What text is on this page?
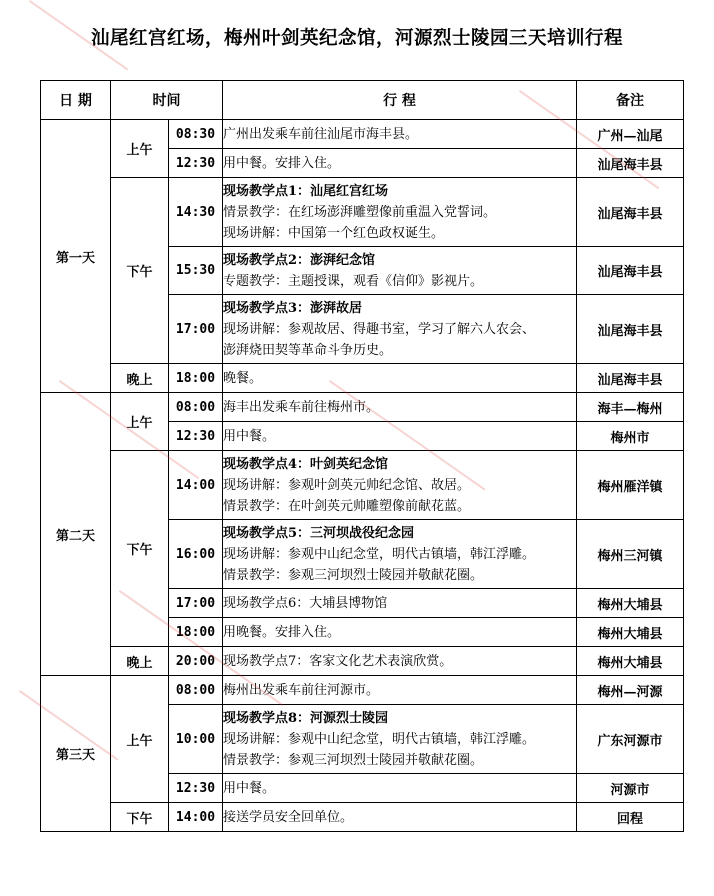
汕尾红宫红场，梅州叶剑英纪念馆，河源烈士陵园三天培训行程
日 期	时间		行 程	备注
第一天	上午	08:30	广州出发乘车前往汕尾市海丰县。	广州—汕尾
		12:30	用中餐。安排入住。	汕尾海丰县
	下午	14:30	现场教学点1：汕尾红宫红场
情景教学：在红场澎湃雕塑像前重温入党誓词。
现场讲解：中国第一个红色政权诞生。	汕尾海丰县
		15:30	现场教学点2：澎湃纪念馆
专题教学：主题授课，观看《信仰》影视片。	汕尾海丰县
		17:00	现场教学点3：澎湃故居
现场讲解：参观故居、得趣书室，学习了解六人农会、
澎湃烧田契等革命斗争历史。	汕尾海丰县
	晚上	18:00	晚餐。	汕尾海丰县
第二天	上午	08:00	海丰出发乘车前往梅州市。	海丰—梅州
		12:30	用中餐。	梅州市
	下午	14:00	现场教学点4：叶剑英纪念馆
现场讲解：参观叶剑英元帅纪念馆、故居。
情景教学：在叶剑英元帅雕塑像前献花蓝。	梅州雁洋镇
		16:00	现场教学点5：三河坝战役纪念园
现场讲解：参观中山纪念堂，明代古镇墙，韩江浮雕。
情景教学：参观三河坝烈士陵园并敬献花圈。	梅州三河镇
		17:00	现场教学点6：大埔县博物馆	梅州大埔县
		18:00	用晚餐。安排入住。	梅州大埔县
	晚上	20:00	现场教学点7：客家文化艺术表演欣赏。	梅州大埔县
第三天	上午	08:00	梅州出发乘车前往河源市。	梅州—河源
		10:00	现场教学点8：河源烈士陵园
现场讲解：参观中山纪念堂，明代古镇墙，韩江浮雕。
情景教学：参观三河坝烈士陵园并敬献花圈。	广东河源市
		12:30	用中餐。	河源市
	下午	14:00	接送学员安全回单位。	回程
